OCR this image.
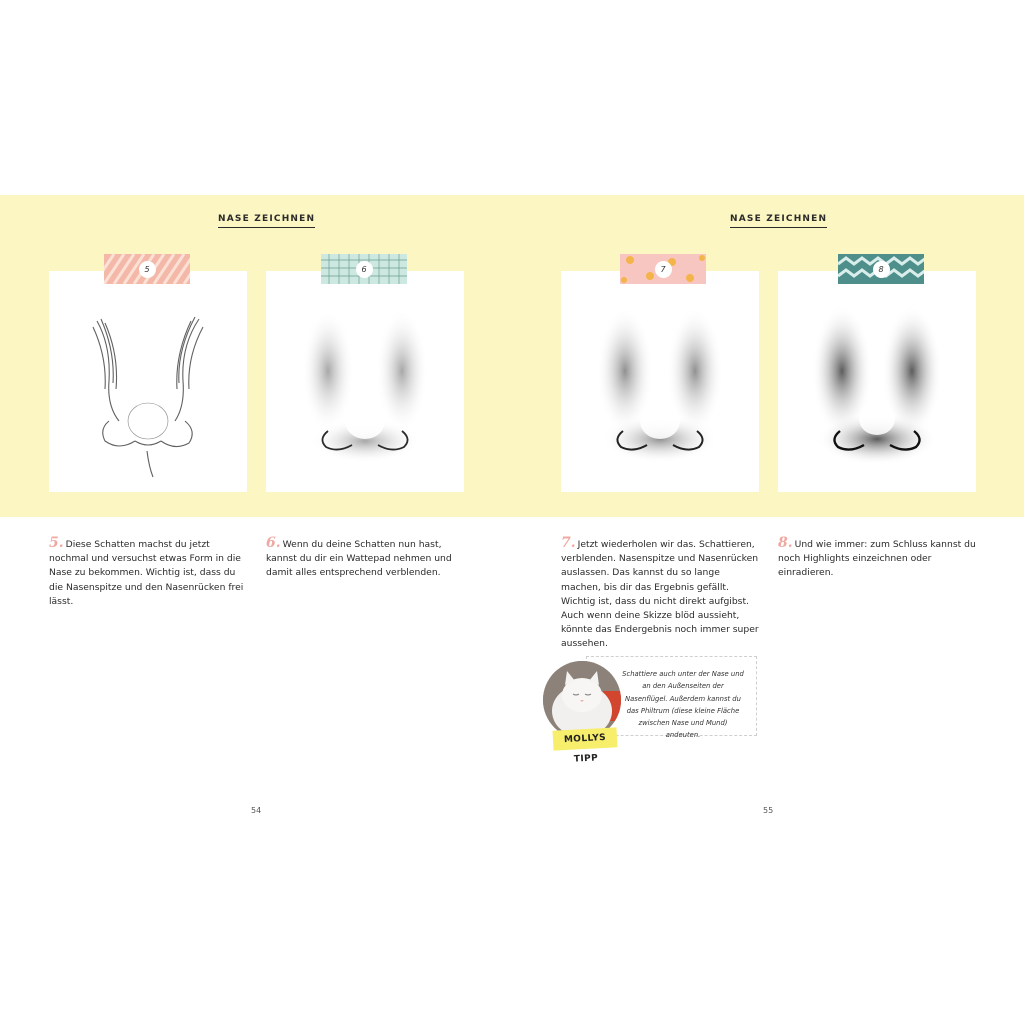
NASE ZEICHNEN
5	6
5. Diese Schatten machst du jetzt nochmal und versuchst etwas Form in die Nase zu bekommen. Wichtig ist, dass du die Nasenspitze und den Nasenrücken frei lässt.
6. Wenn du deine Schatten nun hast, kannst du dir ein Wattepad nehmen und damit alles entsprechend verblenden.
54
NASE ZEICHNEN
7	8
7. Jetzt wiederholen wir das. Schattieren, verblenden. Nasenspitze und Nasenrücken auslassen. Das kannst du so lange machen, bis dir das Ergebnis gefällt. Wichtig ist, dass du nicht direkt aufgibst. Auch wenn deine Skizze blöd aussieht, könnte das Endergebnis noch immer super aussehen.
8. Und wie immer: zum Schluss kannst du noch Highlights einzeichnen oder einradieren.
Schattiere auch unter der Nase und an den Außenseiten der Nasenflügel. Außerdem kannst du das Philtrum (diese kleine Fläche zwischen Nase und Mund) andeuten.
MOLLYS TIPP
55
